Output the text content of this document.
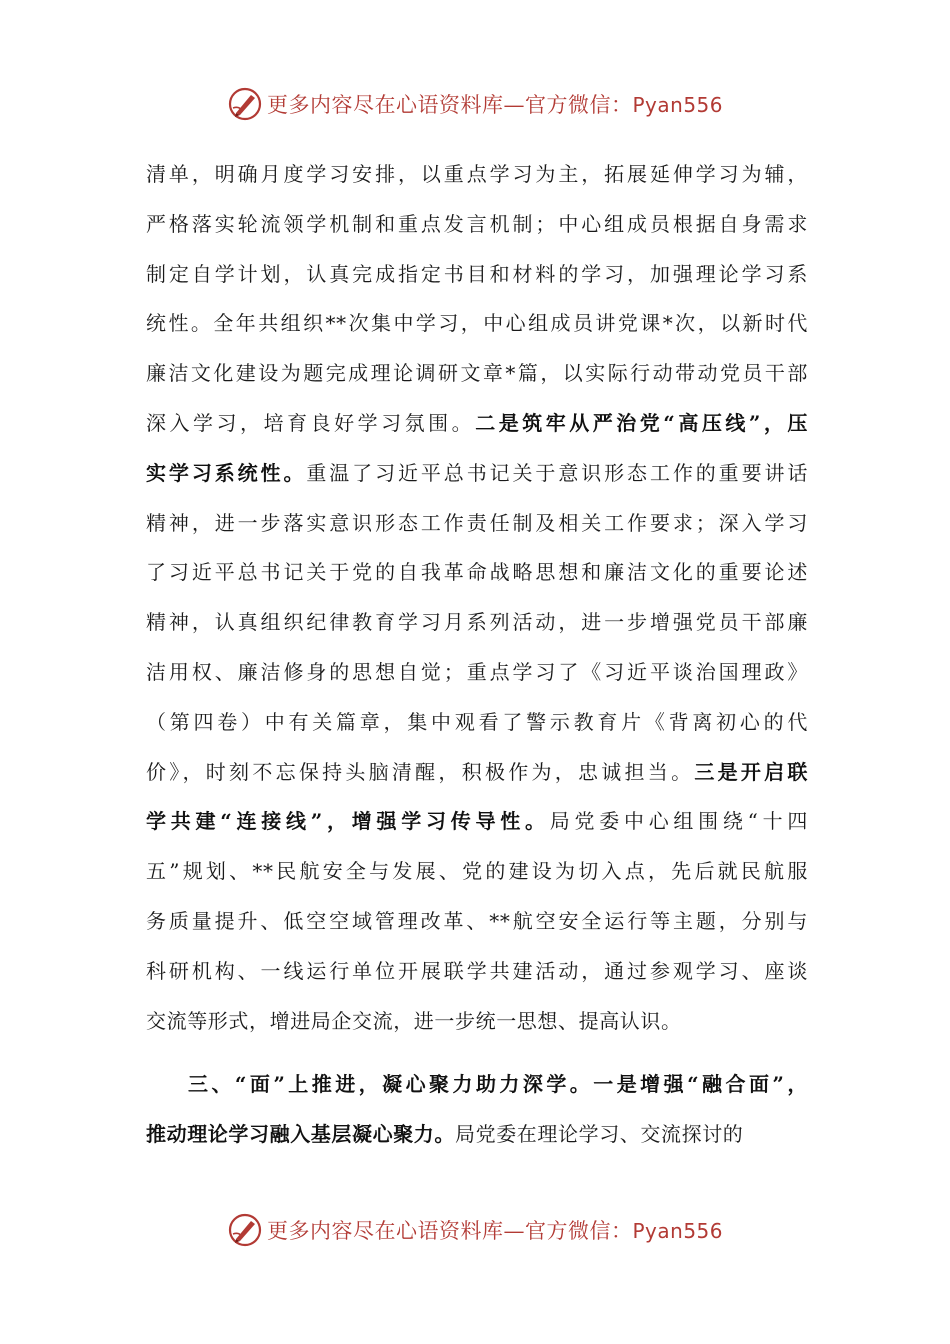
更多内容尽在心语资料库—官方微信：Pyan556
清单，明确月度学习安排，以重点学习为主，拓展延伸学习为辅，
严格落实轮流领学机制和重点发言机制；中心组成员根据自身需求
制定自学计划，认真完成指定书目和材料的学习，加强理论学习系
统性。全年共组织**次集中学习，中心组成员讲党课*次，以新时代
廉洁文化建设为题完成理论调研文章*篇，以实际行动带动党员干部
深入学习，培育良好学习氛围。二是筑牢从严治党“高压线”，压
实学习系统性。重温了习近平总书记关于意识形态工作的重要讲话
精神，进一步落实意识形态工作责任制及相关工作要求；深入学习
了习近平总书记关于党的自我革命战略思想和廉洁文化的重要论述
精神，认真组织纪律教育学习月系列活动，进一步增强党员干部廉
洁用权、廉洁修身的思想自觉；重点学习了《习近平谈治国理政》
（第四卷）中有关篇章，集中观看了警示教育片《背离初心的代
价》，时刻不忘保持头脑清醒，积极作为，忠诚担当。三是开启联
学共建“连接线”，增强学习传导性。局党委中心组围绕“十四
五”规划、**民航安全与发展、党的建设为切入点，先后就民航服
务质量提升、低空空域管理改革、**航空安全运行等主题，分别与
科研机构、一线运行单位开展联学共建活动，通过参观学习、座谈
交流等形式，增进局企交流，进一步统一思想、提高认识。
三、“面”上推进，凝心聚力助力深学。一是增强“融合面”，
推动理论学习融入基层凝心聚力。局党委在理论学习、交流探讨的
更多内容尽在心语资料库—官方微信：Pyan556
